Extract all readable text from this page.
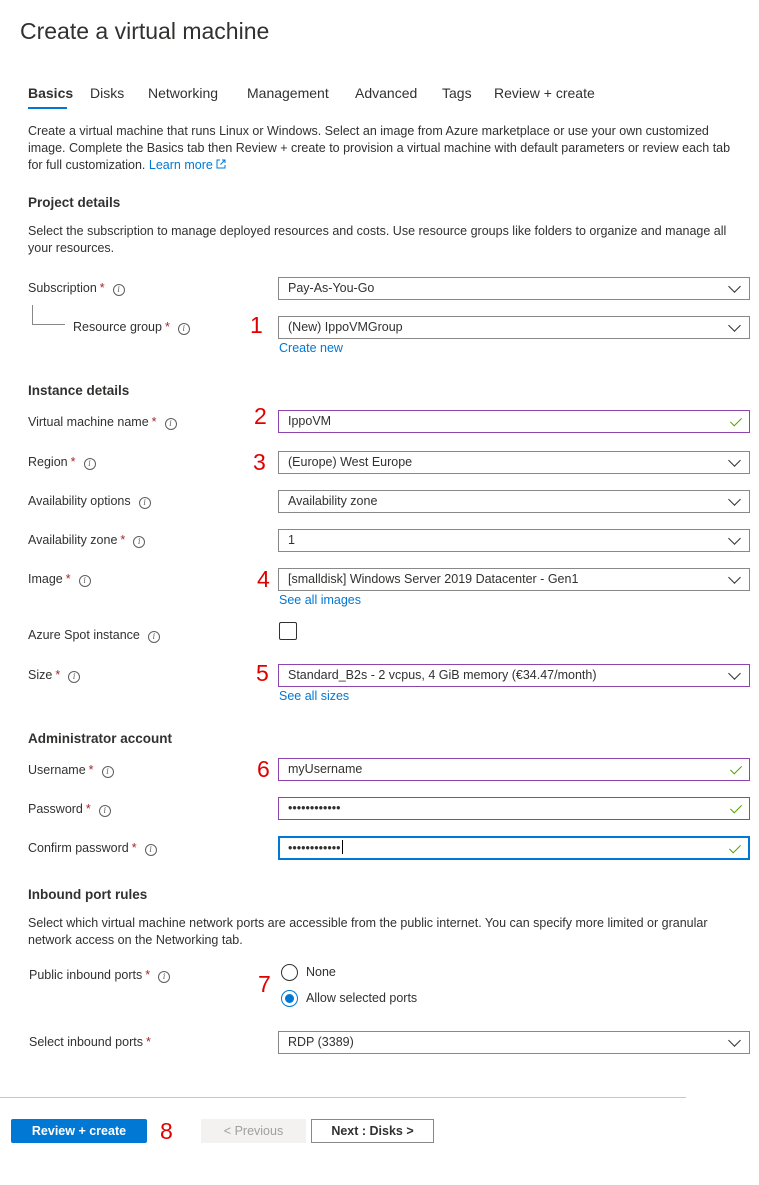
Create a virtual machine
Basics Disks Networking Management Advanced Tags Review + create
Create a virtual machine that runs Linux or Windows. Select an image from Azure marketplace or use your own customized image. Complete the Basics tab then Review + create to provision a virtual machine with default parameters or review each tab for full customization. Learn more
Project details
Select the subscription to manage deployed resources and costs. Use resource groups like folders to organize and manage all your resources.
Subscription * i	Pay-As-You-Go
Resource group * i	1	(New) IppoVMGroup
Create new
Instance details
Virtual machine name * i	2	IppoVM
Region * i	3	(Europe) West Europe
Availability options i	Availability zone
Availability zone * i	1
Image * i	4	[smalldisk] Windows Server 2019 Datacenter - Gen1
See all images
Azure Spot instance i
Size * i	5	Standard_B2s - 2 vcpus, 4 GiB memory (€34.47/month)
See all sizes
Administrator account
Username * i	6	myUsername
Password * i	••••••••••••
Confirm password * i	••••••••••••
Inbound port rules
Select which virtual machine network ports are accessible from the public internet. You can specify more limited or granular network access on the Networking tab.
Public inbound ports * i	7	None
Allow selected ports
Select inbound ports *	RDP (3389)
Review + create	8	< Previous	Next : Disks >
